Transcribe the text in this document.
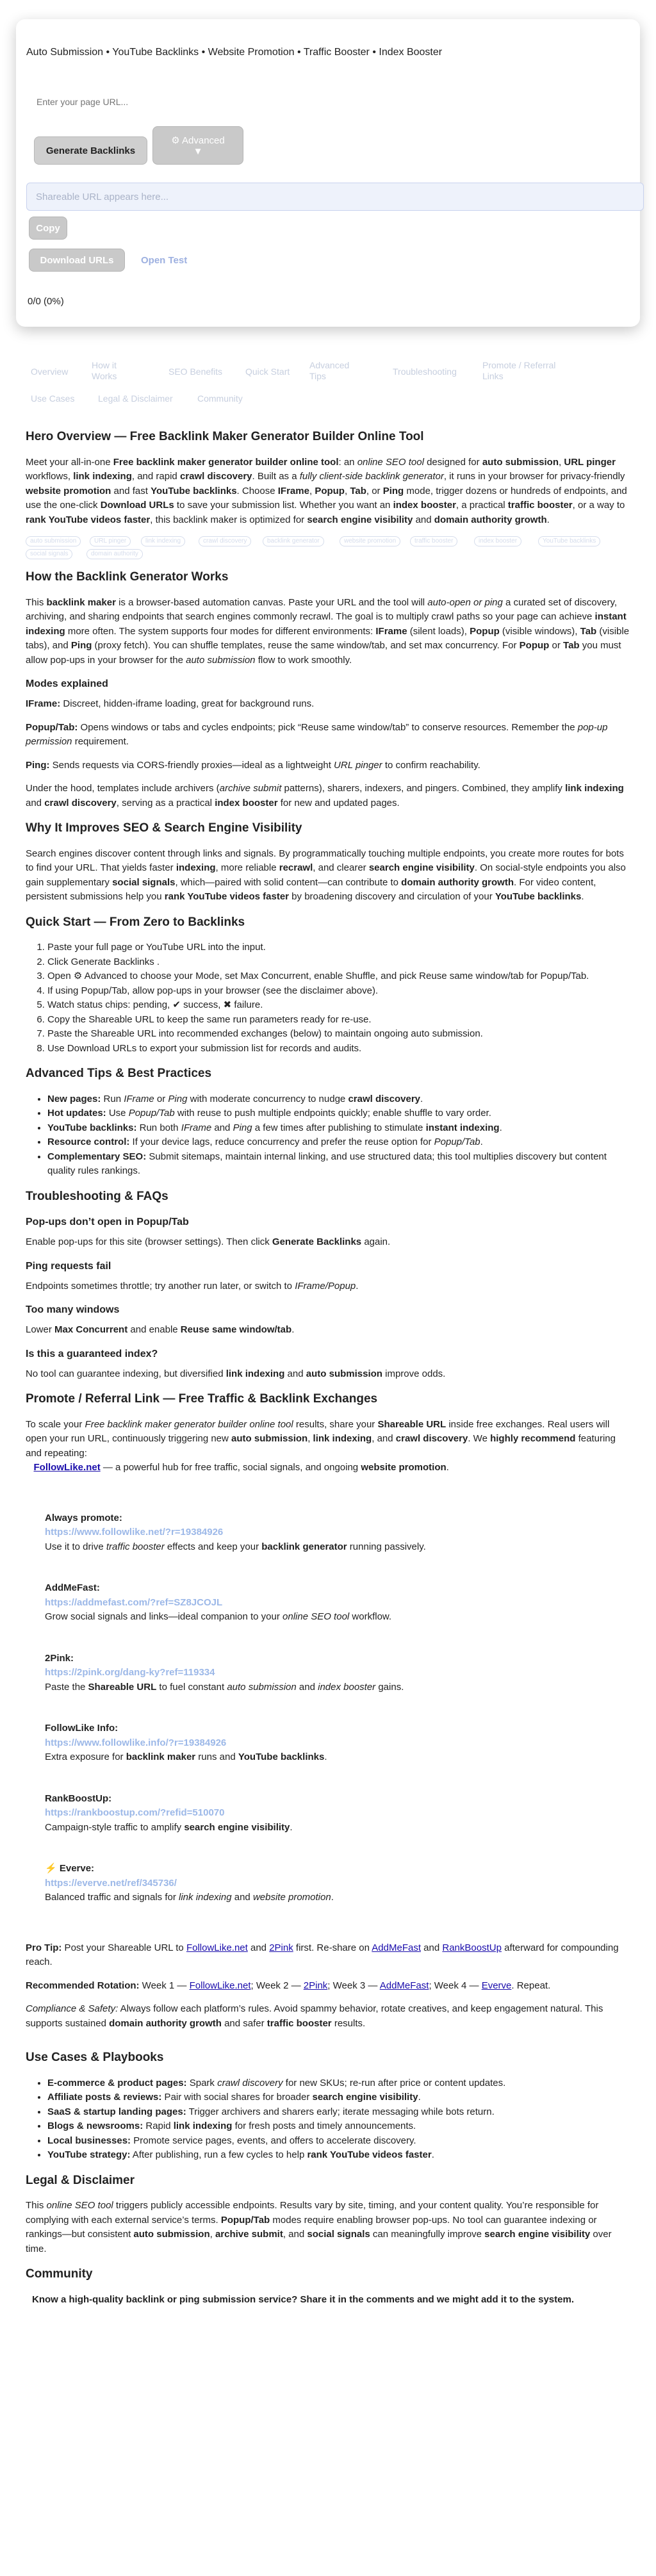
Auto Submission • YouTube Backlinks • Website Promotion • Traffic Booster • Index Booster
Enter your page URL...
Generate Backlinks
⚙ Advanced
▼
Shareable URL appears here...
Copy
Download URLs	Open Test
0/0 (0%)
Overview
How it Works	SEO Benefits	Quick Start
Advanced Tips	Troubleshooting
Promote / Referral Links
Use Cases	Legal & Disclaimer	Community
Hero Overview — Free Backlink Maker Generator Builder Online Tool

Meet your all-in-one Free backlink maker generator builder online tool: an online SEO tool designed for auto submission, URL pinger workflows, link indexing, and rapid crawl discovery. Built as a fully client-side backlink generator, it runs in your browser for privacy-friendly website promotion and fast YouTube backlinks. Choose IFrame, Popup, Tab, or Ping mode, trigger dozens or hundreds of endpoints, and use the one-click Download URLs to save your submission list. Whether you want an index booster, a practical traffic booster, or a way to rank YouTube videos faster, this backlink maker is optimized for search engine visibility and domain authority growth.

auto submission	URL pinger	link indexing	crawl discovery	backlink generator	website promotion	traffic booster	index booster	YouTube backlinks
social signals	domain authority
How the Backlink Generator Works

This backlink maker is a browser-based automation canvas. Paste your URL and the tool will auto-open or ping a curated set of discovery, archiving, and sharing endpoints that search engines commonly recrawl. The goal is to multiply crawl paths so your page can achieve instant indexing more often. The system supports four modes for different environments: IFrame (silent loads), Popup (visible windows), Tab (visible tabs), and Ping (proxy fetch). You can shuffle templates, reuse the same window/tab, and set max concurrency. For Popup or Tab you must allow pop-ups in your browser for the auto submission flow to work smoothly.

Modes explained

IFrame: Discreet, hidden-iframe loading, great for background runs.

Popup/Tab: Opens windows or tabs and cycles endpoints; pick “Reuse same window/tab” to conserve resources. Remember the pop-up permission requirement.

Ping: Sends requests via CORS-friendly proxies—ideal as a lightweight URL pinger to confirm reachability.

Under the hood, templates include archivers (archive submit patterns), sharers, indexers, and pingers. Combined, they amplify link indexing and crawl discovery, serving as a practical index booster for new and updated pages.

Why It Improves SEO & Search Engine Visibility

Search engines discover content through links and signals. By programmatically touching multiple endpoints, you create more routes for bots to find your URL. That yields faster indexing, more reliable recrawl, and clearer search engine visibility. On social-style endpoints you also gain supplementary social signals, which—paired with solid content—can contribute to domain authority growth. For video content, persistent submissions help you rank YouTube videos faster by broadening discovery and circulation of your YouTube backlinks.

Quick Start — From Zero to Backlinks
1. Paste your full page or YouTube URL into the input.
2. Click Generate Backlinks .
3. Open ⚙ Advanced to choose your Mode, set Max Concurrent, enable Shuffle, and pick Reuse same window/tab for Popup/Tab.
4. If using Popup/Tab, allow pop-ups in your browser (see the disclaimer above).
5. Watch status chips: pending, ✔ success, ✖ failure.
6. Copy the Shareable URL to keep the same run parameters ready for re-use.
7. Paste the Shareable URL into recommended exchanges (below) to maintain ongoing auto submission.
8. Use Download URLs to export your submission list for records and audits.
Advanced Tips & Best Practices
• New pages: Run IFrame or Ping with moderate concurrency to nudge crawl discovery.
• Hot updates: Use Popup/Tab with reuse to push multiple endpoints quickly; enable shuffle to vary order.
• YouTube backlinks: Run both IFrame and Ping a few times after publishing to stimulate instant indexing.
• Resource control: If your device lags, reduce concurrency and prefer the reuse option for Popup/Tab.
• Complementary SEO: Submit sitemaps, maintain internal linking, and use structured data; this tool multiplies discovery but content quality rules rankings.
Troubleshooting & FAQs
Pop-ups don’t open in Popup/Tab

Enable pop-ups for this site (browser settings). Then click Generate Backlinks again.

Ping requests fail

Endpoints sometimes throttle; try another run later, or switch to IFrame/Popup.

Too many windows

Lower Max Concurrent and enable Reuse same window/tab.

Is this a guaranteed index?

No tool can guarantee indexing, but diversified link indexing and auto submission improve odds.

Promote / Referral Link — Free Traffic & Backlink Exchanges

To scale your Free backlink maker generator builder online tool results, share your Shareable URL inside free exchanges. Real users will open your run URL, continuously triggering new auto submission, link indexing, and crawl discovery. We highly recommend featuring and repeating:
FollowLike.net — a powerful hub for free traffic, social signals, and ongoing website promotion.

Always promote:
https://www.followlike.net/?r=19384926
Use it to drive traffic booster effects and keep your backlink generator running passively.
AddMeFast:
https://addmefast.com/?ref=SZ8JCOJL
Grow social signals and links—ideal companion to your online SEO tool workflow.
2Pink:
https://2pink.org/dang-ky?ref=119334
Paste the Shareable URL to fuel constant auto submission and index booster gains.
FollowLike Info:
https://www.followlike.info/?r=19384926
Extra exposure for backlink maker runs and YouTube backlinks.
RankBoostUp:
https://rankboostup.com/?refid=510070
Campaign-style traffic to amplify search engine visibility.
⚡ Everve:
https://everve.net/ref/345736/
Balanced traffic and signals for link indexing and website promotion.

Pro Tip: Post your Shareable URL to FollowLike.net and 2Pink first. Re-share on AddMeFast and RankBoostUp afterward for compounding reach.

Recommended Rotation: Week 1 — FollowLike.net; Week 2 — 2Pink; Week 3 — AddMeFast; Week 4 — Everve. Repeat.

Compliance & Safety: Always follow each platform’s rules. Avoid spammy behavior, rotate creatives, and keep engagement natural. This supports sustained domain authority growth and safer traffic booster results.

Use Cases & Playbooks
• E-commerce & product pages: Spark crawl discovery for new SKUs; re-run after price or content updates.
• Affiliate posts & reviews: Pair with social shares for broader search engine visibility.
• SaaS & startup landing pages: Trigger archivers and sharers early; iterate messaging while bots return.
• Blogs & newsrooms: Rapid link indexing for fresh posts and timely announcements.
• Local businesses: Promote service pages, events, and offers to accelerate discovery.
• YouTube strategy: After publishing, run a few cycles to help rank YouTube videos faster.
Legal & Disclaimer

This online SEO tool triggers publicly accessible endpoints. Results vary by site, timing, and your content quality. You’re responsible for complying with each external service’s terms. Popup/Tab modes require enabling browser pop-ups. No tool can guarantee indexing or rankings—but consistent auto submission, archive submit, and social signals can meaningfully improve search engine visibility over time.

Community

Know a high-quality backlink or ping submission service? Share it in the comments and we might add it to the system.
